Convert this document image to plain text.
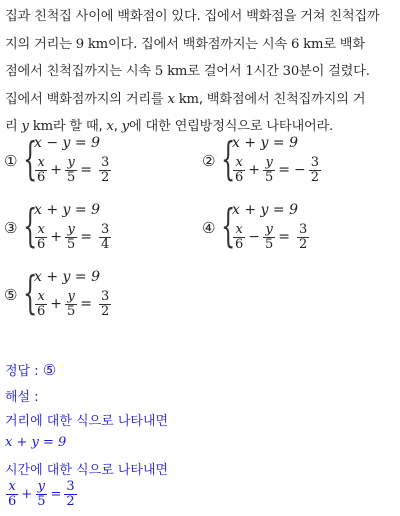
집과 친척집 사이에 백화점이 있다. 집에서 백화점을 거쳐 친척집까
지의 거리는 9 km이다. 집에서 백화점까지는 시속 6 km로 백화
점에서 친척집까지는 시속 5 km로 걸어서 1시간 30분이 걸렸다.
집에서 백화점까지의 거리를 x km, 백화점에서 친척집까지의 거
리 y km라 할 때, x, y에 대한 연립방정식으로 나타내어라.
① {
x − y = 9
$\frac{x}{6} + \frac{y}{5} = \frac{3}{2}$	② {
x + y = 9
$\frac{x}{6} + \frac{y}{5}$ = − $\frac{3}{2}$
③ {
x + y = 9
$\frac{x}{6} + \frac{y}{5} = \frac{3}{4}$	④ {
x + y = 9
$\frac{x}{6} - \frac{y}{5} = \frac{3}{2}$
⑤ {
x + y = 9
$\frac{x}{6} + \frac{y}{5} = \frac{3}{2}$
정답 : ⑤
해설 :
거리에 대한 식으로 나타내면
x + y = 9
시간에 대한 식으로 나타내면
$\frac{x}{6} + \frac{y}{5} = \frac{3}{2}$
